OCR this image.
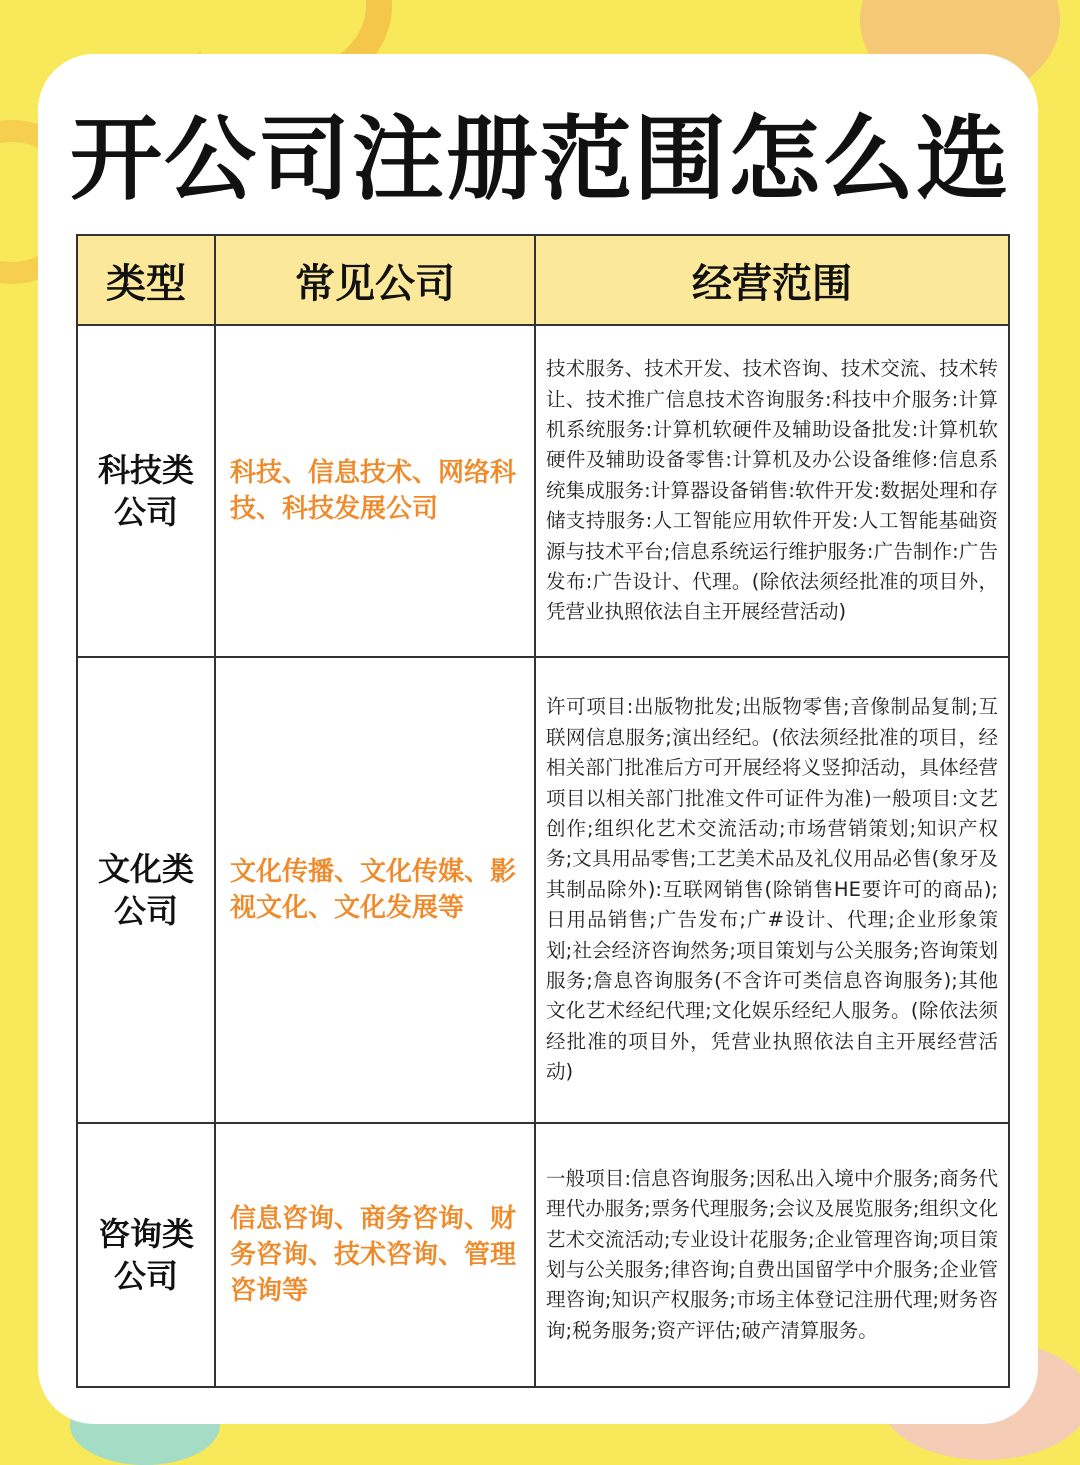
开公司注册范围怎么选
类型	常见公司	经营范围
科技类
公司	科技、信息技术、网络科技、科技发展公司	技术服务、技术开发、技术咨询、技术交流、技术转让、技术推广信息技术咨询服务:科技中介服务:计算机系统服务:计算机软硬件及辅助设备批发:计算机软硬件及辅助设备零售:计算机及办公设备维修:信息系统集成服务:计算器设备销售:软件开发:数据处理和存储支持服务:人工智能应用软件开发:人工智能基础资源与技术平台;信息系统运行维护服务:广告制作:广告发布:广告设计、代理。(除依法须经批准的项目外，凭营业执照依法自主开展经营活动)
文化类
公司	文化传播、文化传媒、影视文化、文化发展等	许可项目:出版物批发;出版物零售;音像制品复制;互联网信息服务;演出经纪。(依法须经批准的项目，经相关部门批准后方可开展经将义竖抑活动，具体经营项目以相关部门批准文件可证件为准)一般项目:文艺创作;组织化艺术交流活动;市场营销策划;知识产权务;文具用品零售;工艺美术品及礼仪用品必售(象牙及其制品除外):互联网销售(除销售HE要许可的商品);日用品销售;广告发布;广#设计、代理;企业形象策划;社会经济咨询然务;项目策划与公关服务;咨询策划服务;詹息咨询服务(不含许可类信息咨询服务);其他文化艺术经纪代理;文化娱乐经纪人服务。(除依法须经批准的项目外，凭营业执照依法自主开展经营活动)
咨询类
公司	信息咨询、商务咨询、财务咨询、技术咨询、管理咨询等	一般项目:信息咨询服务;因私出入境中介服务;商务代理代办服务;票务代理服务;会议及展览服务;组织文化艺术交流活动;专业设计花服务;企业管理咨询;项目策划与公关服务;律咨询;自费出国留学中介服务;企业管理咨询;知识产权服务;市场主体登记注册代理;财务咨询;税务服务;资产评估;破产清算服务。
